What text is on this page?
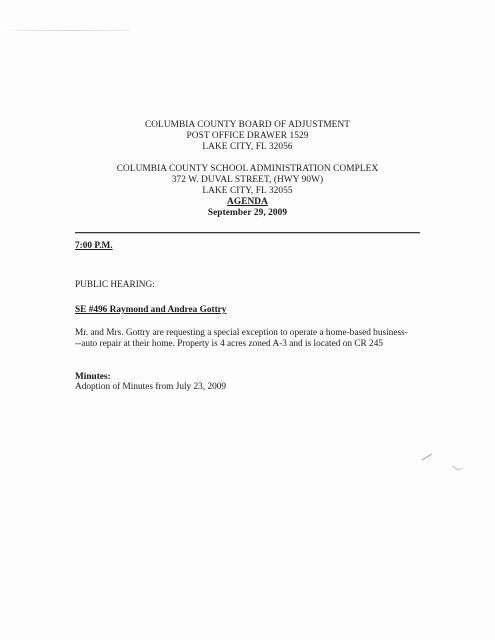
COLUMBIA COUNTY BOARD OF ADJUSTMENT
POST OFFICE DRAWER 1529
LAKE CITY, FL 32056
COLUMBIA COUNTY SCHOOL ADMINISTRATION COMPLEX
372 W. DUVAL STREET, (HWY 90W)
LAKE CITY, FL 32055
AGENDA
September 29, 2009
7:00 P.M.
PUBLIC HEARING:
SE #496 Raymond and Andrea Gottry
Mr. and Mrs. Gottry are requesting a special exception to operate a home-based business-
--auto repair at their home. Property is 4 acres zoned A-3 and is located on CR 245
Minutes:
Adoption of Minutes from July 23, 2009
